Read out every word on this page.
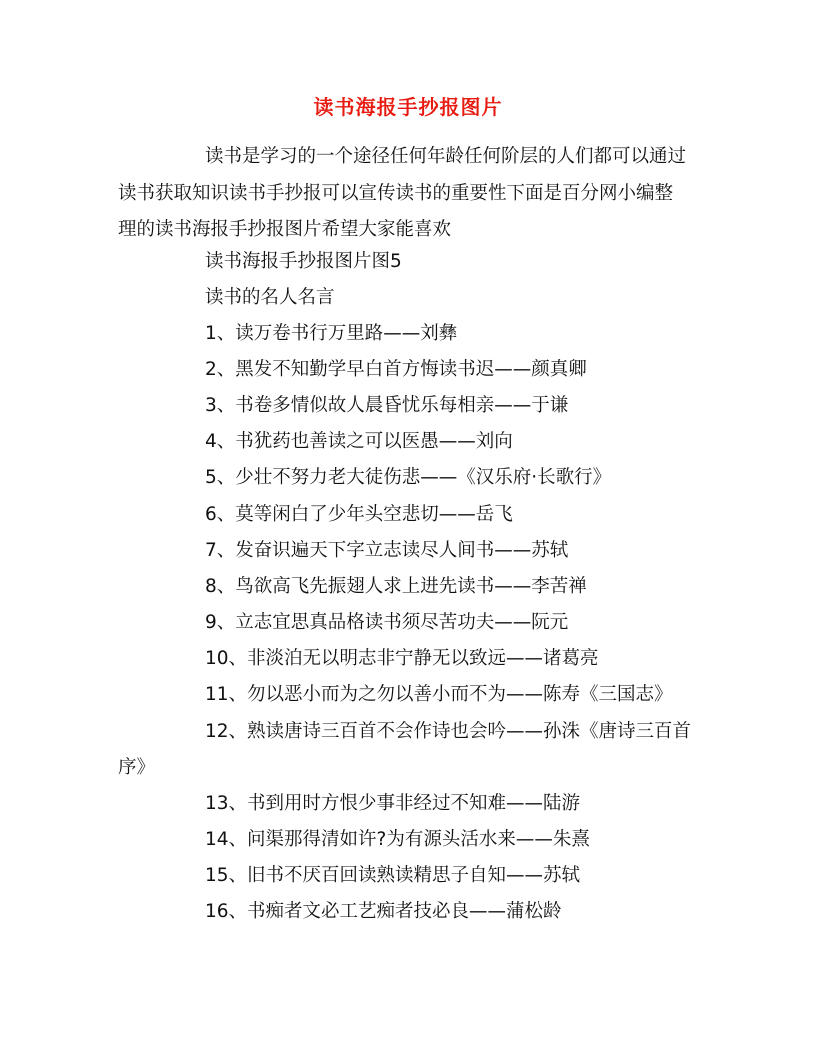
读书海报手抄报图片
读书是学习的一个途径任何年龄任何阶层的人们都可以通过
读书获取知识读书手抄报可以宣传读书的重要性下面是百分网小编整
理的读书海报手抄报图片希望大家能喜欢
读书海报手抄报图片图5
读书的名人名言
1、读万卷书行万里路——刘彝
2、黑发不知勤学早白首方悔读书迟——颜真卿
3、书卷多情似故人晨昏忧乐每相亲——于谦
4、书犹药也善读之可以医愚——刘向
5、少壮不努力老大徒伤悲——《汉乐府·长歌行》
6、莫等闲白了少年头空悲切——岳飞
7、发奋识遍天下字立志读尽人间书——苏轼
8、鸟欲高飞先振翅人求上进先读书——李苦禅
9、立志宜思真品格读书须尽苦功夫——阮元
10、非淡泊无以明志非宁静无以致远——诸葛亮
11、勿以恶小而为之勿以善小而不为——陈寿《三国志》
12、熟读唐诗三百首不会作诗也会吟——孙洙《唐诗三百首
序》
13、书到用时方恨少事非经过不知难——陆游
14、问渠那得清如许?为有源头活水来——朱熹
15、旧书不厌百回读熟读精思子自知——苏轼
16、书痴者文必工艺痴者技必良——蒲松龄
